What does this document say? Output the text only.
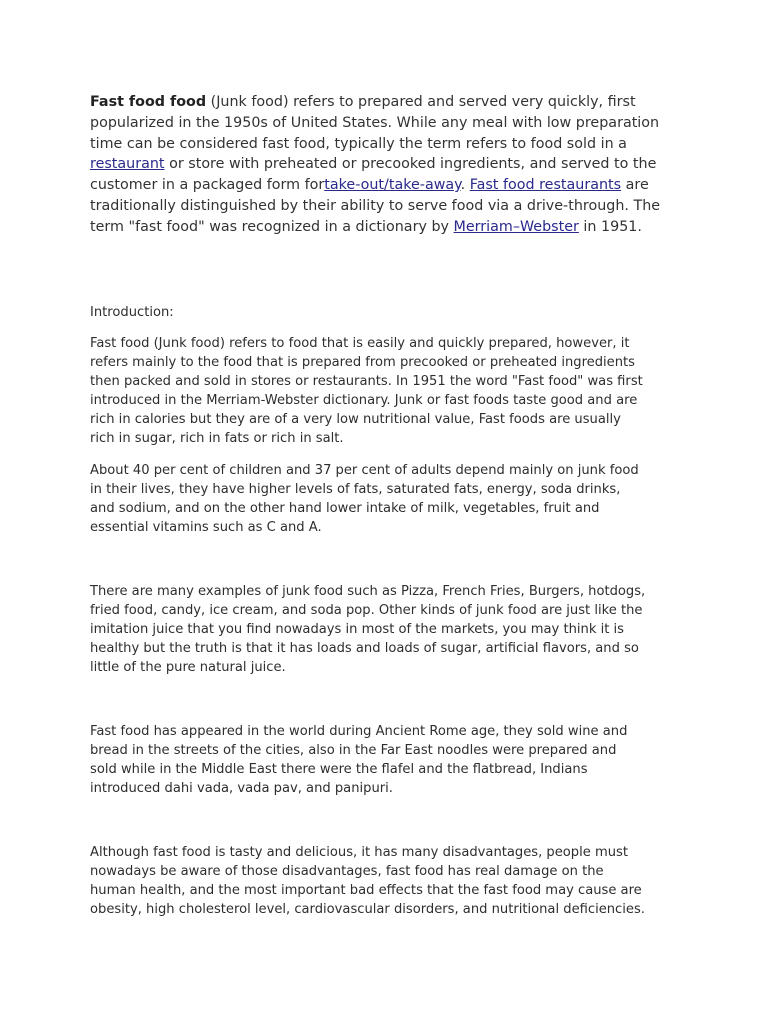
Fast food food (Junk food) refers to prepared and served very quickly, first popularized in the 1950s of United States. While any meal with low preparation time can be considered fast food, typically the term refers to food sold in a restaurant or store with preheated or precooked ingredients, and served to the customer in a packaged form fortake-out/take-away. Fast food restaurants are traditionally distinguished by their ability to serve food via a drive-through. The term "fast food" was recognized in a dictionary by Merriam–Webster in 1951.

Introduction:

Fast food (Junk food) refers to food that is easily and quickly prepared, however, it
refers mainly to the food that is prepared from precooked or preheated ingredients
then packed and sold in stores or restaurants. In 1951 the word "Fast food" was first
introduced in the Merriam-Webster dictionary. Junk or fast foods taste good and are
rich in calories but they are of a very low nutritional value, Fast foods are usually
rich in sugar, rich in fats or rich in salt.

About 40 per cent of children and 37 per cent of adults depend mainly on junk food
in their lives, they have higher levels of fats, saturated fats, energy, soda drinks,
and sodium, and on the other hand lower intake of milk, vegetables, fruit and
essential vitamins such as C and A.

There are many examples of junk food such as Pizza, French Fries, Burgers, hotdogs,
fried food, candy, ice cream, and soda pop. Other kinds of junk food are just like the
imitation juice that you find nowadays in most of the markets, you may think it is
healthy but the truth is that it has loads and loads of sugar, artificial flavors, and so
little of the pure natural juice.

Fast food has appeared in the world during Ancient Rome age, they sold wine and
bread in the streets of the cities, also in the Far East noodles were prepared and
sold while in the Middle East there were the flafel and the flatbread, Indians
introduced dahi vada, vada pav, and panipuri.

Although fast food is tasty and delicious, it has many disadvantages, people must
nowadays be aware of those disadvantages, fast food has real damage on the
human health, and the most important bad effects that the fast food may cause are
obesity, high cholesterol level, cardiovascular disorders, and nutritional deficiencies.
